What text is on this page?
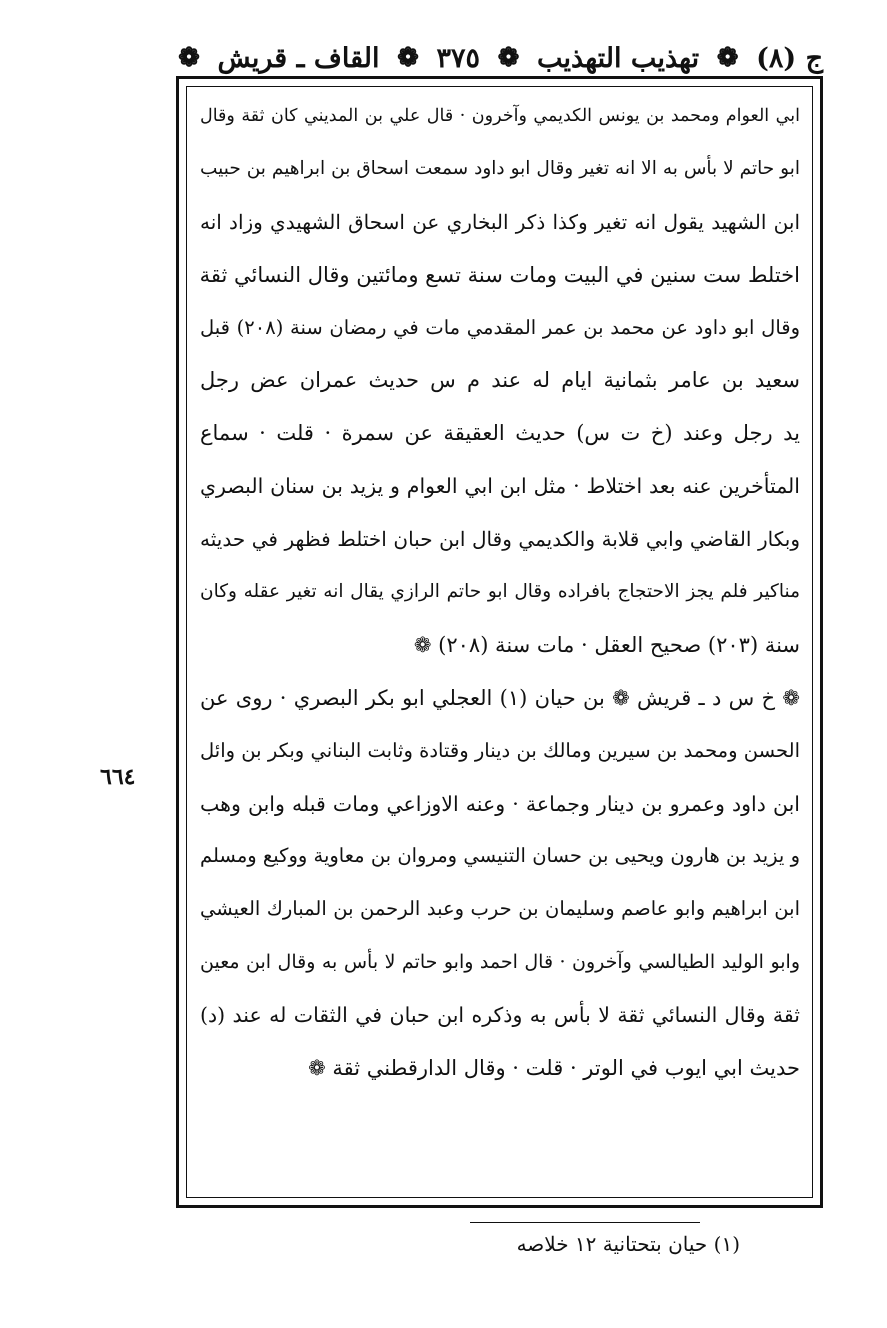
ج (٨)
❁
تهذيب التهذيب
❁
٣٧٥
❁
القاف ـ قريش
❁
ابي العوام ومحمد بن يونس الكديمي وآخرون · قال علي بن المديني كان ثقة وقال
ابو حاتم لا بأس به الا انه تغير وقال ابو داود سمعت اسحاق بن ابراهيم بن حبيب
ابن الشهيد يقول انه تغير وكذا ذكر البخاري عن اسحاق الشهيدي وزاد انه
اختلط ست سنين في البيت ومات سنة تسع ومائتين وقال النسائي ثقة
وقال ابو داود عن محمد بن عمر المقدمي مات في رمضان سنة (٢٠٨) قبل
سعيد بن عامر بثمانية ايام له عند م س حديث عمران عض رجل
يد رجل وعند (خ ت س) حديث العقيقة عن سمرة · قلت · سماع
المتأخرين عنه بعد اختلاط · مثل ابن ابي العوام و يزيد بن سنان البصري
وبكار القاضي وابي قلابة والكديمي وقال ابن حبان اختلط فظهر في حديثه
مناكير فلم يجز الاحتجاج بافراده وقال ابو حاتم الرازي يقال انه تغير عقله وكان
سنة (٢٠٣) صحيح العقل · مات سنة (٢٠٨) ❁
❁ خ س د ـ قريش ❁ بن حيان (١) العجلي ابو بكر البصري · روى عن
الحسن ومحمد بن سيرين ومالك بن دينار وقتادة وثابت البناني وبكر بن وائل
ابن داود وعمرو بن دينار وجماعة · وعنه الاوزاعي ومات قبله وابن وهب
و يزيد بن هارون ويحيى بن حسان التنيسي ومروان بن معاوية ووكيع ومسلم
ابن ابراهيم وابو عاصم وسليمان بن حرب وعبد الرحمن بن المبارك العيشي
وابو الوليد الطيالسي وآخرون · قال احمد وابو حاتم لا بأس به وقال ابن معين
ثقة وقال النسائي ثقة لا بأس به وذكره ابن حبان في الثقات له عند (د)
حديث ابي ايوب في الوتر · قلت · وقال الدارقطني ثقة ❁
٦٦٤
(١) حيان بتحتانية ١٢ خلاصه
